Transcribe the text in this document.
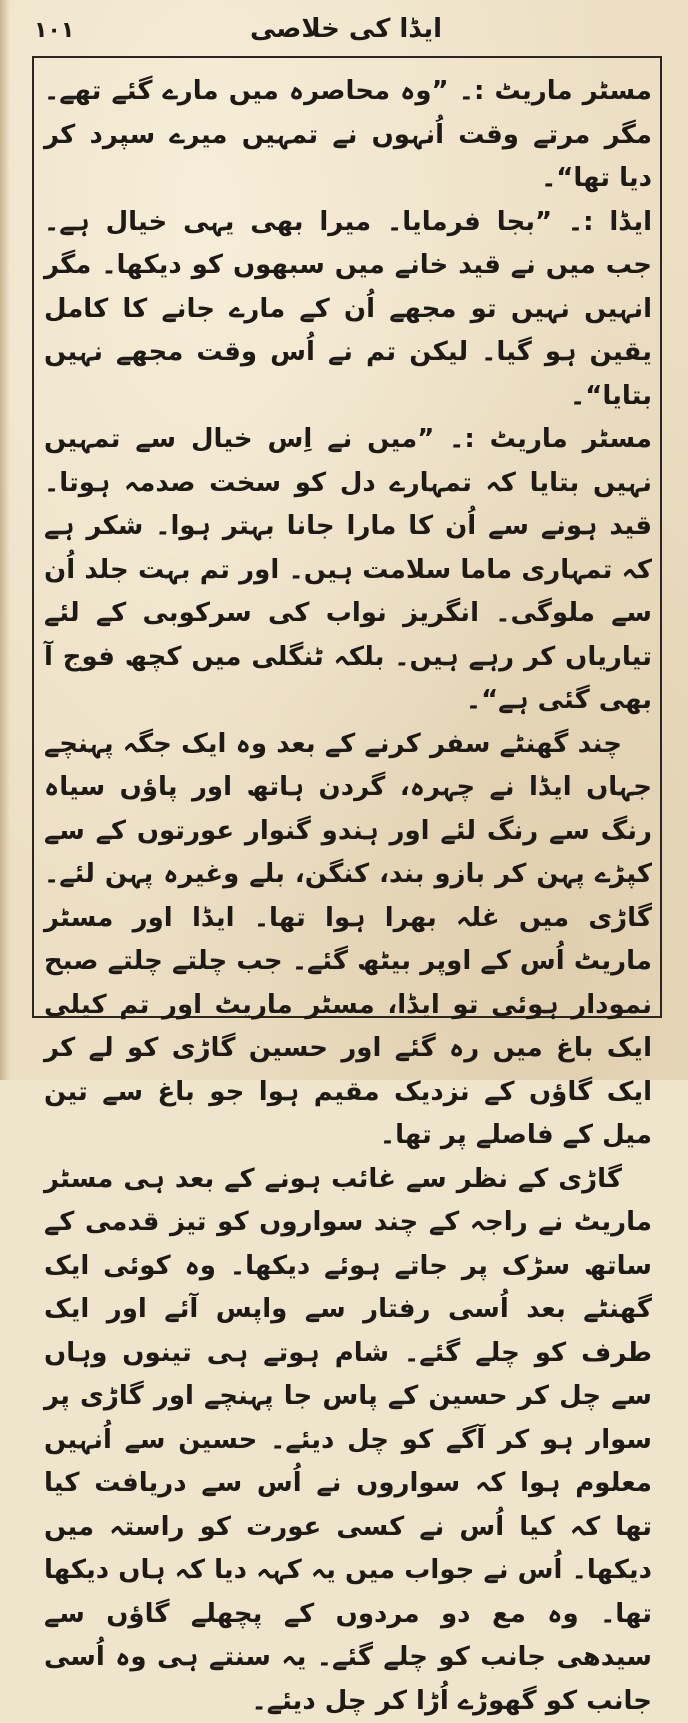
۱۰۱	ایڈا کی خلاصی

مسٹر ماریٹ :۔ ”وہ محاصرہ میں مارے گئے تھے۔ مگر مرتے وقت اُنہوں نے تمہیں میرے سپرد کر دیا تھا“۔

ایڈا :۔ ”بجا فرمایا۔ میرا بھی یہی خیال ہے۔ جب میں نے قید خانے میں سبھوں کو دیکھا۔ مگر انہیں نہیں تو مجھے اُن کے مارے جانے کا کامل یقین ہو گیا۔ لیکن تم نے اُس وقت مجھے نہیں بتایا“۔

مسٹر ماریٹ :۔ ”میں نے اِس خیال سے تمہیں نہیں بتایا کہ تمہارے دل کو سخت صدمہ ہوتا۔ قید ہونے سے اُن کا مارا جانا بہتر ہوا۔ شکر ہے کہ تمہاری ماما سلامت ہیں۔ اور تم بہت جلد اُن سے ملوگی۔ انگریز نواب کی سرکوبی کے لئے تیاریاں کر رہے ہیں۔ بلکہ ٹنگلی میں کچھ فوج آ بھی گئی ہے“۔

چند گھنٹے سفر کرنے کے بعد وہ ایک جگہ پہنچے جہاں ایڈا نے چہرہ، گردن ہاتھ اور پاؤں سیاہ رنگ سے رنگ لئے اور ہندو گنوار عورتوں کے سے کپڑے پہن کر بازو بند، کنگن، بلے وغیرہ پہن لئے۔ گاڑی میں غلہ بھرا ہوا تھا۔ ایڈا اور مسٹر ماریٹ اُس کے اوپر بیٹھ گئے۔ جب چلتے چلتے صبح نمودار ہوئی تو ایڈا، مسٹر ماریٹ اور تم کیلی ایک باغ میں رہ گئے اور حسین گاڑی کو لے کر ایک گاؤں کے نزدیک مقیم ہوا جو باغ سے تین میل کے فاصلے پر تھا۔

گاڑی کے نظر سے غائب ہونے کے بعد ہی مسٹر ماریٹ نے راجہ کے چند سواروں کو تیز قدمی کے ساتھ سڑک پر جاتے ہوئے دیکھا۔ وہ کوئی ایک گھنٹے بعد اُسی رفتار سے واپس آئے اور ایک طرف کو چلے گئے۔ شام ہوتے ہی تینوں وہاں سے چل کر حسین کے پاس جا پہنچے اور گاڑی پر سوار ہو کر آگے کو چل دیئے۔ حسین سے اُنہیں معلوم ہوا کہ سواروں نے اُس سے دریافت کیا تھا کہ کیا اُس نے کسی عورت کو راستہ میں دیکھا۔ اُس نے جواب میں یہ کہہ دیا کہ ہاں دیکھا تھا۔ وہ مع دو مردوں کے پچھلے گاؤں سے سیدھی جانب کو چلے گئے۔ یہ سنتے ہی وہ اُسی جانب کو گھوڑے اُڑا کر چل دیئے۔
